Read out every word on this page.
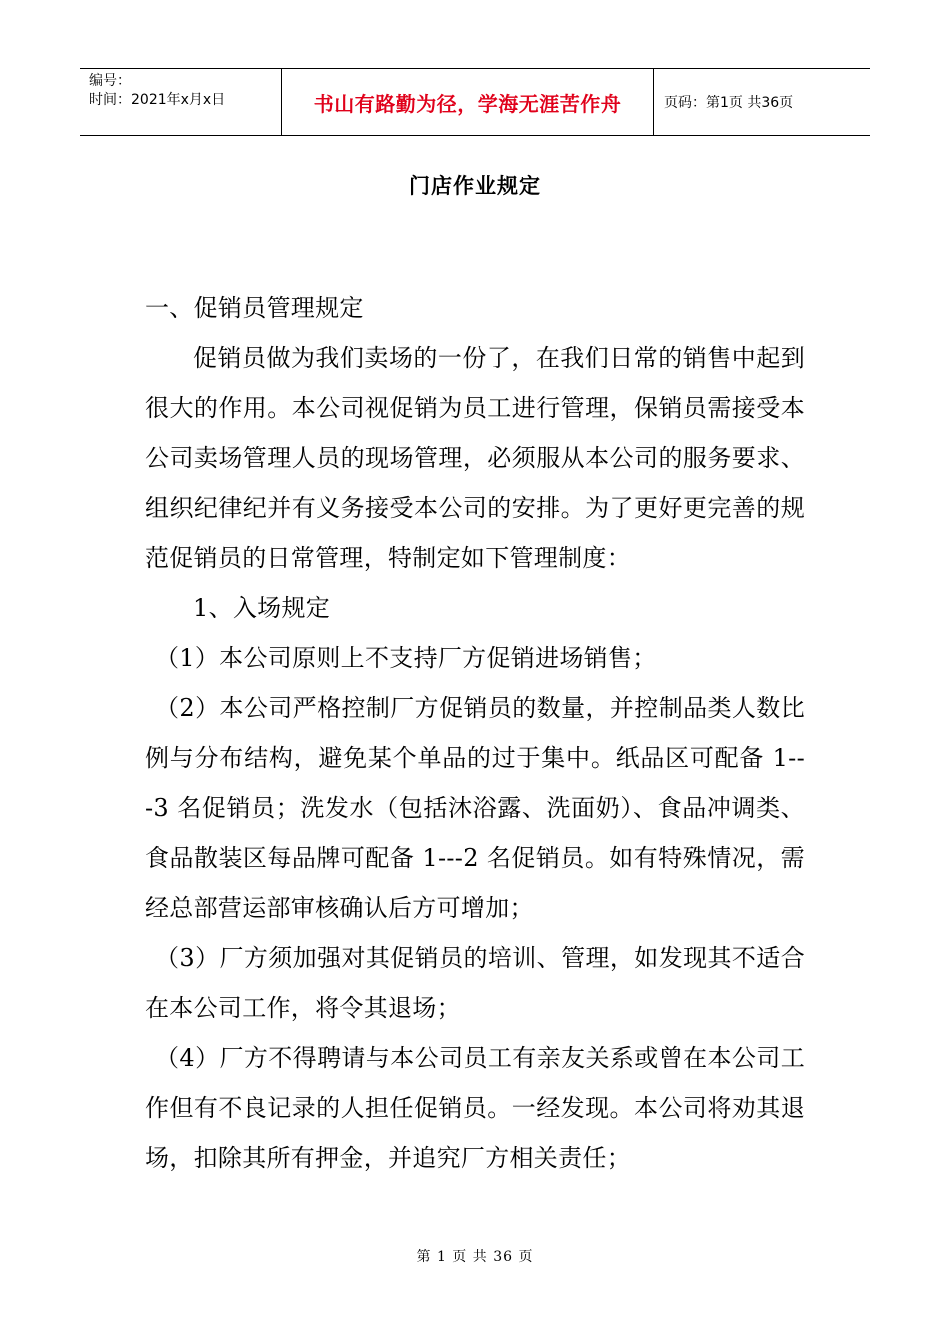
编号：
时间：2021年x月x日	书山有路勤为径，学海无涯苦作舟	页码：第1页 共36页
门店作业规定

一、促销员管理规定

促销员做为我们卖场的一份了，在我们日常的销售中起到很大的作用。本公司视促销为员工进行管理，保销员需接受本公司卖场管理人员的现场管理，必须服从本公司的服务要求、组织纪律纪并有义务接受本公司的安排。为了更好更完善的规范促销员的日常管理，特制定如下管理制度：

1、入场规定

（1）本公司原则上不支持厂方促销进场销售；

（2）本公司严格控制厂方促销员的数量，并控制品类人数比例与分布结构，避免某个单品的过于集中。纸品区可配备 1---3 名促销员；洗发水（包括沐浴露、洗面奶）、食品冲调类、食品散装区每品牌可配备 1---2 名促销员。如有特殊情况，需经总部营运部审核确认后方可增加；

（3）厂方须加强对其促销员的培训、管理，如发现其不适合在本公司工作，将令其退场；

（4）厂方不得聘请与本公司员工有亲友关系或曾在本公司工作但有不良记录的人担任促销员。一经发现。本公司将劝其退场，扣除其所有押金，并追究厂方相关责任；

第 1 页 共 36 页
